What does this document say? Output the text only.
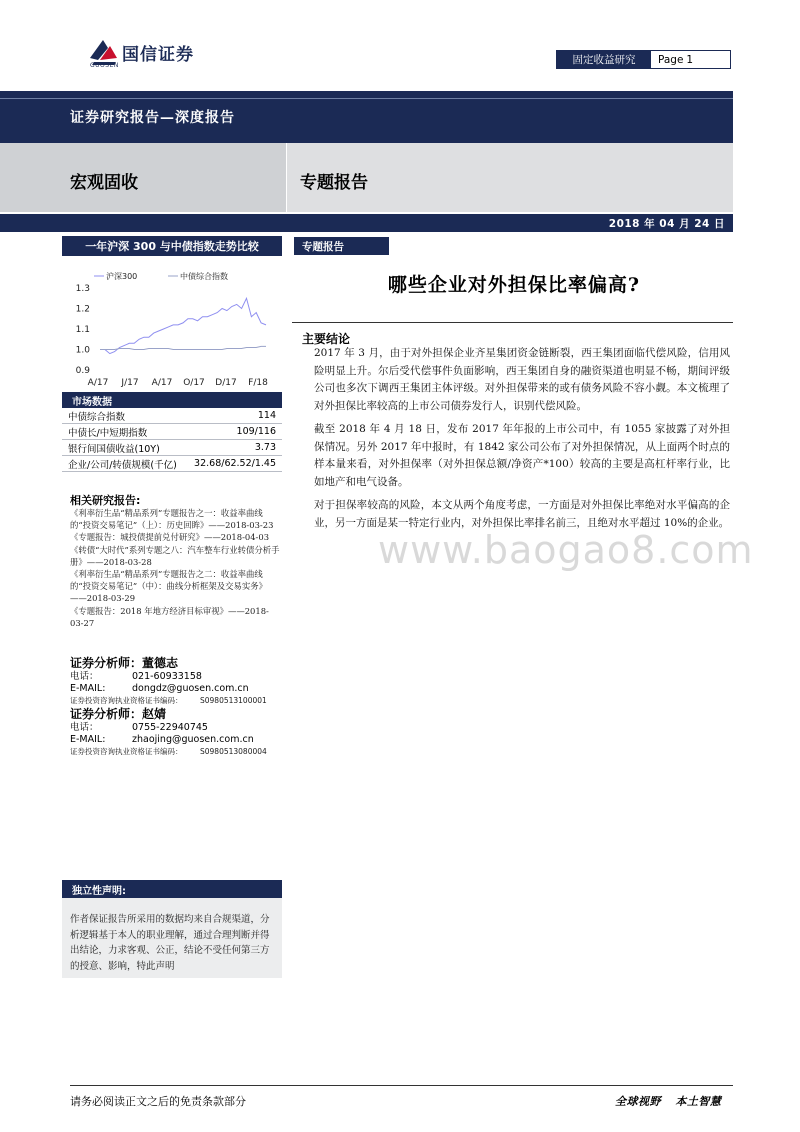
国信证券
GUOSEN	固定收益研究	Page 1
证券研究报告—深度报告
宏观固收	专题报告
2018 年 04 月 24 日
一年沪深 300 与中债指数走势比较
0.9
1.0
1.1
1.2
1.3
A/17 J/17 A/17 O/17 D/17 F/18
沪深300	中债综合指数
市场数据
中债综合指数	114
中债长/中短期指数	109/116
银行间国债收益(10Y)	3.73
企业/公司/转债规模(千亿) 32.68/62.52/1.45
相关研究报告:
《利率衍生品“精品系列”专题报告之一：收益率曲线的“投资交易笔记”（上）：历史回眸》——2018-03-23
《专题报告：城投债提前兑付研究》——2018-04-03
《转债“大时代”系列专题之八：汽车整车行业转债分析手册》——2018-03-28
《利率衍生品“精品系列”专题报告之二：收益率曲线的“投资交易笔记”（中）：曲线分析框架及交易实务》——2018-03-29
《专题报告：2018 年地方经济目标审视》——2018-03-27
证券分析师：董德志
电话：	021-60933158
E-MAIL:	dongdz@guosen.com.cn
证券投资咨询执业资格证书编码：	S0980513100001
证券分析师：赵婧
电话：	0755-22940745
E-MAIL:	zhaojing@guosen.com.cn
证券投资咨询执业资格证书编码：	S0980513080004
独立性声明:
作者保证报告所采用的数据均来自合规渠道，分析逻辑基于本人的职业理解，通过合理判断并得出结论，力求客观、公正，结论不受任何第三方的授意、影响，特此声明
专题报告
哪些企业对外担保比率偏高?
主要结论

2017 年 3 月，由于对外担保企业齐星集团资金链断裂，西王集团面临代偿风险，信用风险明显上升。尔后受代偿事件负面影响，西王集团自身的融资渠道也明显不畅，期间评级公司也多次下调西王集团主体评级。对外担保带来的或有债务风险不容小觑。本文梳理了对外担保比率较高的上市公司债券发行人，识别代偿风险。

截至 2018 年 4 月 18 日，发布 2017 年年报的上市公司中，有 1055 家披露了对外担保情况。另外 2017 年中报时，有 1842 家公司公布了对外担保情况，从上面两个时点的样本量来看，对外担保率（对外担保总额/净资产*100）较高的主要是高杠杆率行业，比如地产和电气设备。

对于担保率较高的风险，本文从两个角度考虑，一方面是对外担保比率绝对水平偏高的企业，另一方面是某一特定行业内，对外担保比率排名前三，且绝对水平超过 10%的企业。

www.baogao8.com
请务必阅读正文之后的免责条款部分	全球视野 本土智慧
